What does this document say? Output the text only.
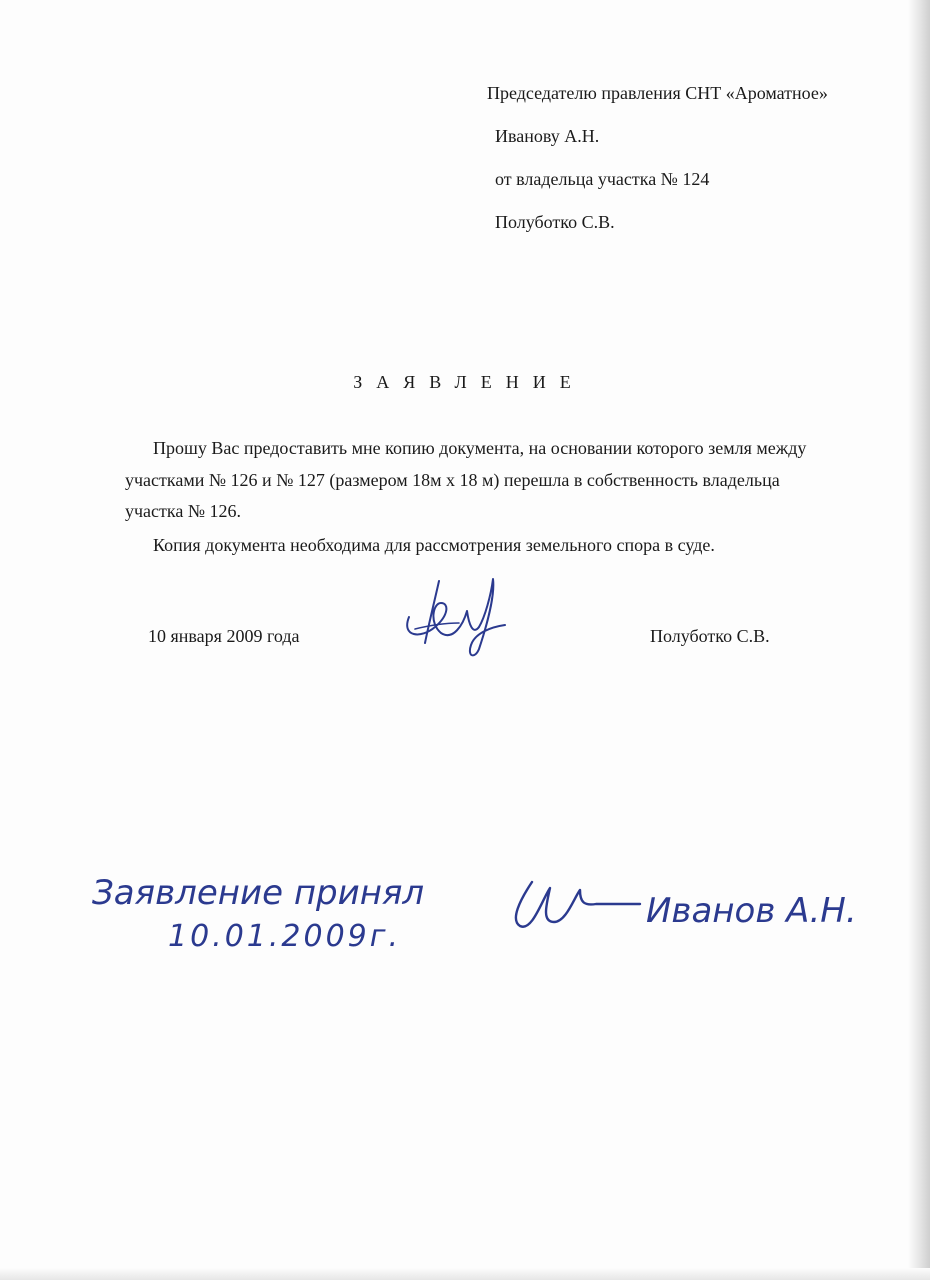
Председателю правления СНТ «Ароматное»
Иванову А.Н.
от владельца участка № 124
Полуботко С.В.
ЗАЯВЛЕНИЕ
Прошу Вас предоставить мне копию документа, на основании которого земля между
участками № 126 и № 127 (размером 18м х 18 м) перешла в собственность владельца
участка № 126.
Копия документа необходима для рассмотрения земельного спора в суде.
10 января 2009 года	Полуботко С.В.
Заявление принял
10.01.2009г.
Иванов А.Н.
